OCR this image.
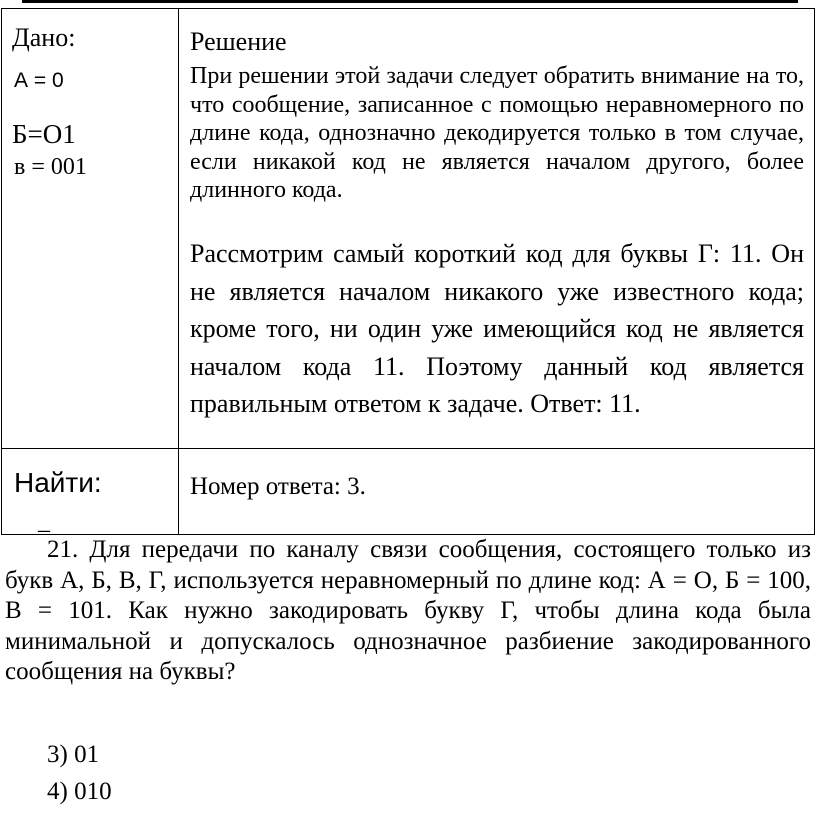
Дано:
А = 0
Б=О1
в = 001
Найти:
_
Решение
При решении этой задачи следует обратить внимание на то, что сообщение, записанное с помощью неравномерного по длине кода, однозначно декодируется только в том случае, если никакой код не является началом другого, более длинного кода.
Рассмотрим самый короткий код для буквы Г: 11. Он не является началом никакого уже известного кода; кроме того, ни один уже имеющийся код не является началом кода 11. Поэтому данный код является правильным ответом к задаче. Ответ: 11.
Номер ответа: 3.
21. Для передачи по каналу связи сообщения, состоящего только из букв А, Б, В, Г, используется неравномерный по длине код: А = О, Б = 100, В = 101. Как нужно закодировать букву Г, чтобы длина кода была минимальной и допускалось однозначное разбиение закодированного сообщения на буквы?
3) 01
4) 010
